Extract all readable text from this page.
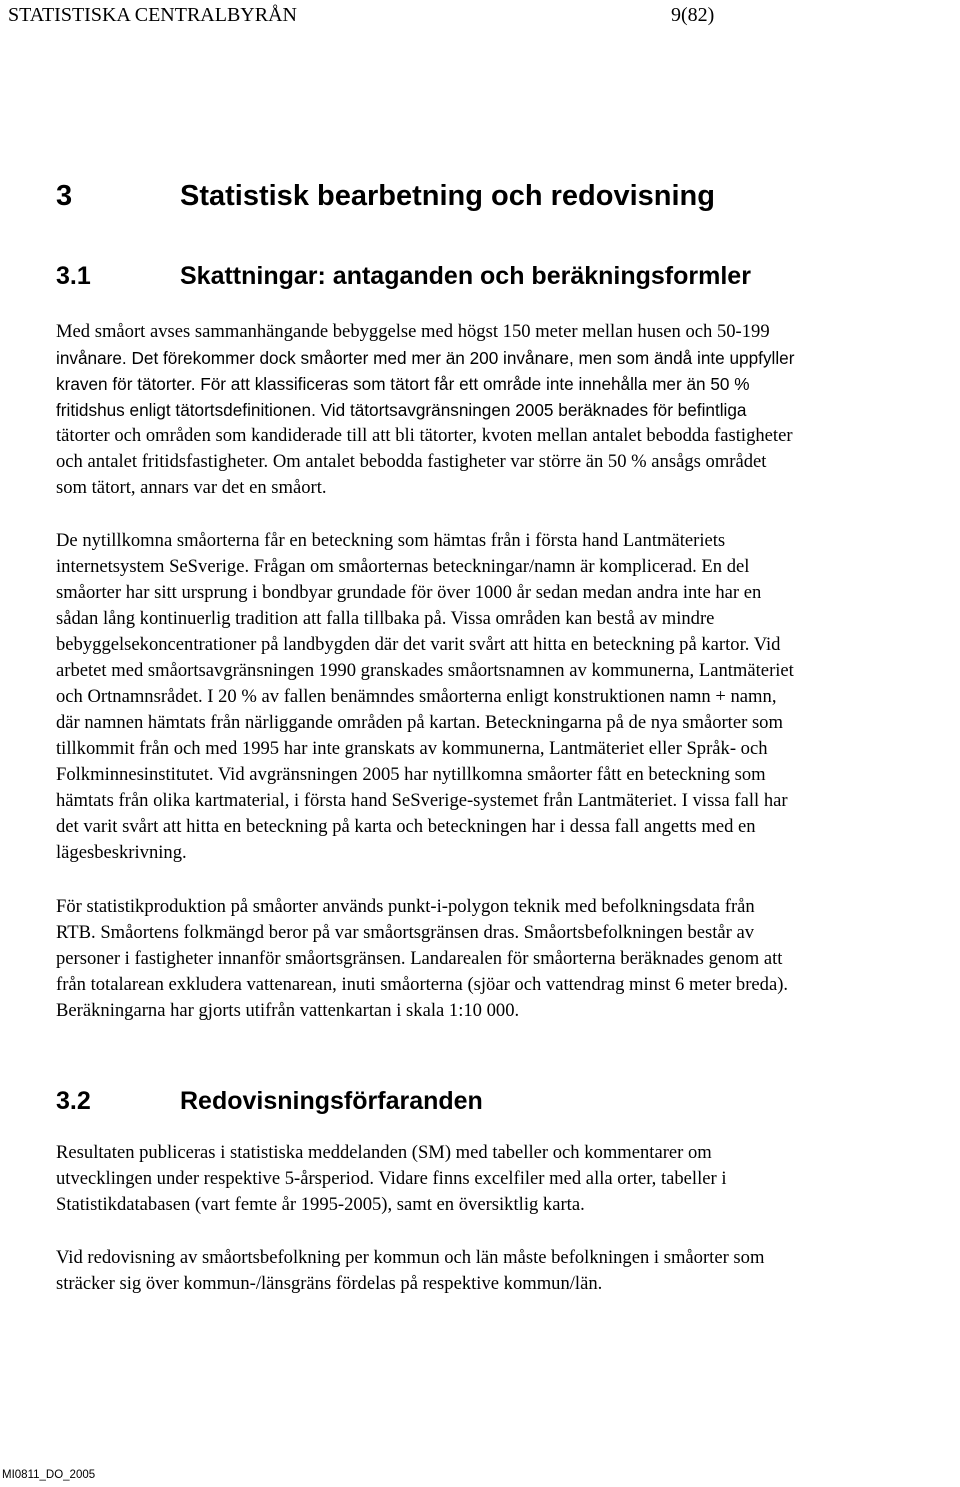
STATISTISKA CENTRALBYRÅN	9(82)
3	Statistisk bearbetning och redovisning
3.1	Skattningar: antaganden och beräkningsformler
Med småort avses sammanhängande bebyggelse med högst 150 meter mellan husen och 50-199
invånare. Det förekommer dock småorter med mer än 200 invånare, men som ändå inte uppfyller
kraven för tätorter. För att klassificeras som tätort får ett område inte innehålla mer än 50 %
fritidshus enligt tätortsdefinitionen. Vid tätortsavgränsningen 2005 beräknades för befintliga
tätorter och områden som kandiderade till att bli tätorter, kvoten mellan antalet bebodda fastigheter
och antalet fritidsfastigheter. Om antalet bebodda fastigheter var större än 50 % ansågs området
som tätort, annars var det en småort.
De nytillkomna småorterna får en beteckning som hämtas från i första hand Lantmäteriets
internetsystem SeSverige. Frågan om småorternas beteckningar/namn är komplicerad. En del
småorter har sitt ursprung i bondbyar grundade för över 1000 år sedan medan andra inte har en
sådan lång kontinuerlig tradition att falla tillbaka på. Vissa områden kan bestå av mindre
bebyggelsekoncentrationer på landbygden där det varit svårt att hitta en beteckning på kartor. Vid
arbetet med småortsavgränsningen 1990 granskades småortsnamnen av kommunerna, Lantmäteriet
och Ortnamnsrådet. I 20 % av fallen benämndes småorterna enligt konstruktionen namn + namn,
där namnen hämtats från närliggande områden på kartan. Beteckningarna på de nya småorter som
tillkommit från och med 1995 har inte granskats av kommunerna, Lantmäteriet eller Språk- och
Folkminnesinstitutet. Vid avgränsningen 2005 har nytillkomna småorter fått en beteckning som
hämtats från olika kartmaterial, i första hand SeSverige-systemet från Lantmäteriet. I vissa fall har
det varit svårt att hitta en beteckning på karta och beteckningen har i dessa fall angetts med en
lägesbeskrivning.
För statistikproduktion på småorter används punkt-i-polygon teknik med befolkningsdata från
RTB. Småortens folkmängd beror på var småortsgränsen dras. Småortsbefolkningen består av
personer i fastigheter innanför småortsgränsen. Landarealen för småorterna beräknades genom att
från totalarean exkludera vattenarean, inuti småorterna (sjöar och vattendrag minst 6 meter breda).
Beräkningarna har gjorts utifrån vattenkartan i skala 1:10 000.
3.2	Redovisningsförfaranden
Resultaten publiceras i statistiska meddelanden (SM) med tabeller och kommentarer om
utvecklingen under respektive 5-årsperiod. Vidare finns excelfiler med alla orter, tabeller i
Statistikdatabasen (vart femte år 1995-2005), samt en översiktlig karta.
Vid redovisning av småortsbefolkning per kommun och län måste befolkningen i småorter som
sträcker sig över kommun-/länsgräns fördelas på respektive kommun/län.
MI0811_DO_2005
